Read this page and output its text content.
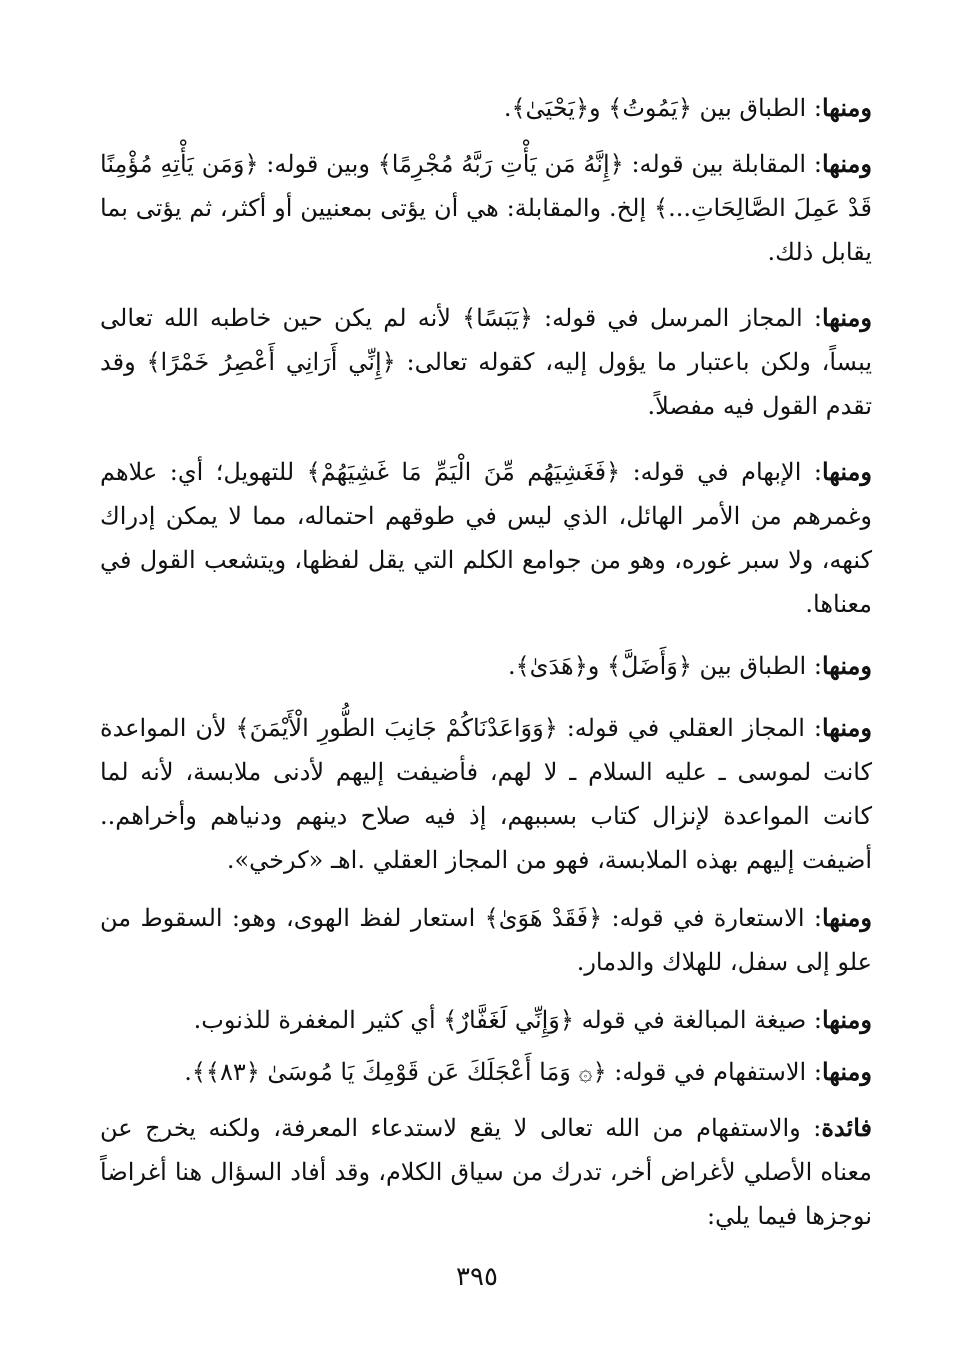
ومنها: الطباق بين ﴿يَمُوتُ﴾ و﴿يَحْيَىٰ﴾.

ومنها: المقابلة بين قوله: ﴿إِنَّهُ مَن يَأْتِ رَبَّهُ مُجْرِمًا﴾ وبين قوله: ﴿وَمَن يَأْتِهِ مُؤْمِنًا قَدْ عَمِلَ الصَّالِحَاتِ...﴾ إلخ. والمقابلة: هي أن يؤتى بمعنيين أو أكثر، ثم يؤتى بما يقابل ذلك.

ومنها: المجاز المرسل في قوله: ﴿يَبَسًا﴾ لأنه لم يكن حين خاطبه الله تعالى يبساً، ولكن باعتبار ما يؤول إليه، كقوله تعالى: ﴿إِنِّي أَرَانِي أَعْصِرُ خَمْرًا﴾ وقد تقدم القول فيه مفصلاً.

ومنها: الإبهام في قوله: ﴿فَغَشِيَهُم مِّنَ الْيَمِّ مَا غَشِيَهُمْ﴾ للتهويل؛ أي: علاهم وغمرهم من الأمر الهائل، الذي ليس في طوقهم احتماله، مما لا يمكن إدراك كنهه، ولا سبر غوره، وهو من جوامع الكلم التي يقل لفظها، ويتشعب القول في معناها.

ومنها: الطباق بين ﴿وَأَضَلَّ﴾ و﴿هَدَىٰ﴾.

ومنها: المجاز العقلي في قوله: ﴿وَوَاعَدْنَاكُمْ جَانِبَ الطُّورِ الْأَيْمَنَ﴾ لأن المواعدة كانت لموسى ـ عليه السلام ـ لا لهم، فأضيفت إليهم لأدنى ملابسة، لأنه لما كانت المواعدة لإنزال كتاب بسببهم، إذ فيه صلاح دينهم ودنياهم وأخراهم.. أضيفت إليهم بهذه الملابسة، فهو من المجاز العقلي .اهـ «كرخي».

ومنها: الاستعارة في قوله: ﴿فَقَدْ هَوَىٰ﴾ استعار لفظ الهوى، وهو: السقوط من علو إلى سفل، للهلاك والدمار.

ومنها: صيغة المبالغة في قوله ﴿وَإِنِّي لَغَفَّارٌ﴾ أي كثير المغفرة للذنوب.

ومنها: الاستفهام في قوله: ﴿۞ وَمَا أَعْجَلَكَ عَن قَوْمِكَ يَا مُوسَىٰ ﴿٨٣﴾﴾.

فائدة: والاستفهام من الله تعالى لا يقع لاستدعاء المعرفة، ولكنه يخرج عن معناه الأصلي لأغراض أخر، تدرك من سياق الكلام، وقد أفاد السؤال هنا أغراضاً نوجزها فيما يلي:

٣٩٥
